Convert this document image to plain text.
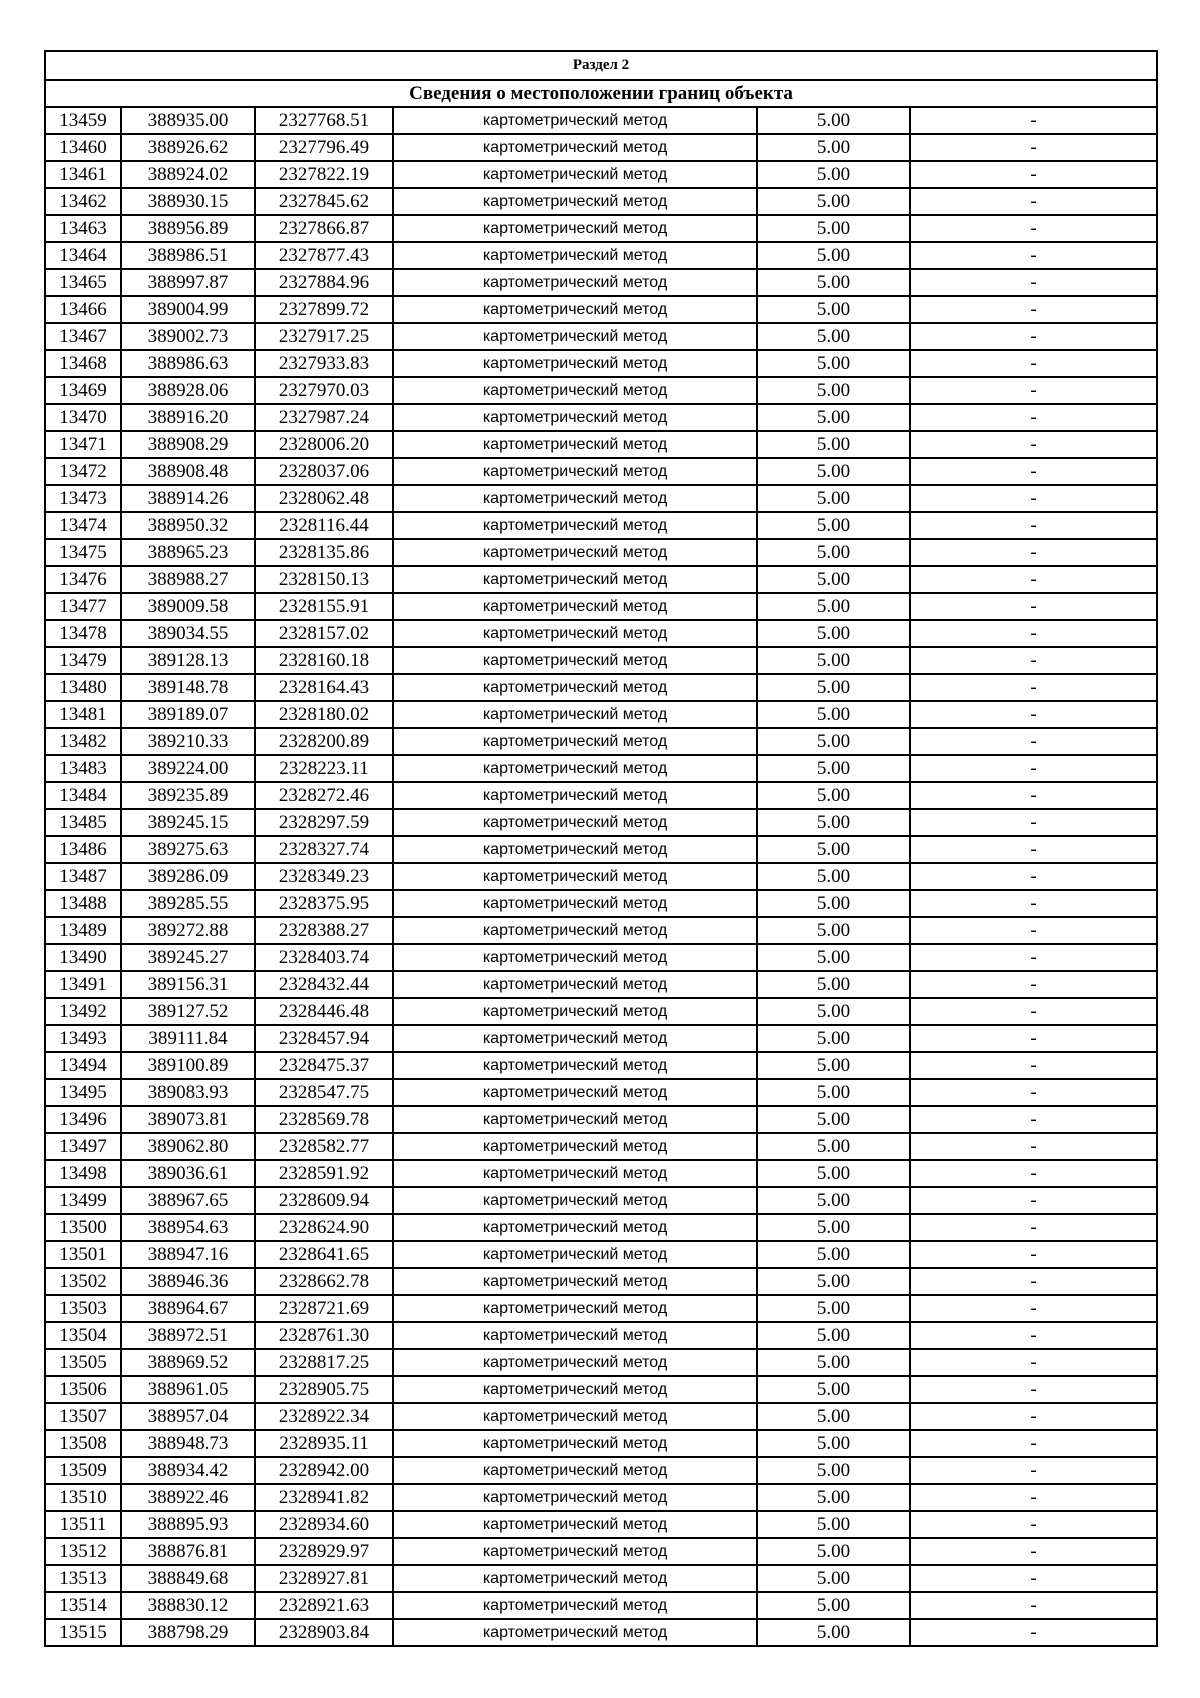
Раздел 2					
Сведения о местоположении границ объекта					
13459	388935.00	2327768.51	картометрический метод	5.00	-
13460	388926.62	2327796.49	картометрический метод	5.00	-
13461	388924.02	2327822.19	картометрический метод	5.00	-
13462	388930.15	2327845.62	картометрический метод	5.00	-
13463	388956.89	2327866.87	картометрический метод	5.00	-
13464	388986.51	2327877.43	картометрический метод	5.00	-
13465	388997.87	2327884.96	картометрический метод	5.00	-
13466	389004.99	2327899.72	картометрический метод	5.00	-
13467	389002.73	2327917.25	картометрический метод	5.00	-
13468	388986.63	2327933.83	картометрический метод	5.00	-
13469	388928.06	2327970.03	картометрический метод	5.00	-
13470	388916.20	2327987.24	картометрический метод	5.00	-
13471	388908.29	2328006.20	картометрический метод	5.00	-
13472	388908.48	2328037.06	картометрический метод	5.00	-
13473	388914.26	2328062.48	картометрический метод	5.00	-
13474	388950.32	2328116.44	картометрический метод	5.00	-
13475	388965.23	2328135.86	картометрический метод	5.00	-
13476	388988.27	2328150.13	картометрический метод	5.00	-
13477	389009.58	2328155.91	картометрический метод	5.00	-
13478	389034.55	2328157.02	картометрический метод	5.00	-
13479	389128.13	2328160.18	картометрический метод	5.00	-
13480	389148.78	2328164.43	картометрический метод	5.00	-
13481	389189.07	2328180.02	картометрический метод	5.00	-
13482	389210.33	2328200.89	картометрический метод	5.00	-
13483	389224.00	2328223.11	картометрический метод	5.00	-
13484	389235.89	2328272.46	картометрический метод	5.00	-
13485	389245.15	2328297.59	картометрический метод	5.00	-
13486	389275.63	2328327.74	картометрический метод	5.00	-
13487	389286.09	2328349.23	картометрический метод	5.00	-
13488	389285.55	2328375.95	картометрический метод	5.00	-
13489	389272.88	2328388.27	картометрический метод	5.00	-
13490	389245.27	2328403.74	картометрический метод	5.00	-
13491	389156.31	2328432.44	картометрический метод	5.00	-
13492	389127.52	2328446.48	картометрический метод	5.00	-
13493	389111.84	2328457.94	картометрический метод	5.00	-
13494	389100.89	2328475.37	картометрический метод	5.00	-
13495	389083.93	2328547.75	картометрический метод	5.00	-
13496	389073.81	2328569.78	картометрический метод	5.00	-
13497	389062.80	2328582.77	картометрический метод	5.00	-
13498	389036.61	2328591.92	картометрический метод	5.00	-
13499	388967.65	2328609.94	картометрический метод	5.00	-
13500	388954.63	2328624.90	картометрический метод	5.00	-
13501	388947.16	2328641.65	картометрический метод	5.00	-
13502	388946.36	2328662.78	картометрический метод	5.00	-
13503	388964.67	2328721.69	картометрический метод	5.00	-
13504	388972.51	2328761.30	картометрический метод	5.00	-
13505	388969.52	2328817.25	картометрический метод	5.00	-
13506	388961.05	2328905.75	картометрический метод	5.00	-
13507	388957.04	2328922.34	картометрический метод	5.00	-
13508	388948.73	2328935.11	картометрический метод	5.00	-
13509	388934.42	2328942.00	картометрический метод	5.00	-
13510	388922.46	2328941.82	картометрический метод	5.00	-
13511	388895.93	2328934.60	картометрический метод	5.00	-
13512	388876.81	2328929.97	картометрический метод	5.00	-
13513	388849.68	2328927.81	картометрический метод	5.00	-
13514	388830.12	2328921.63	картометрический метод	5.00	-
13515	388798.29	2328903.84	картометрический метод	5.00	-
